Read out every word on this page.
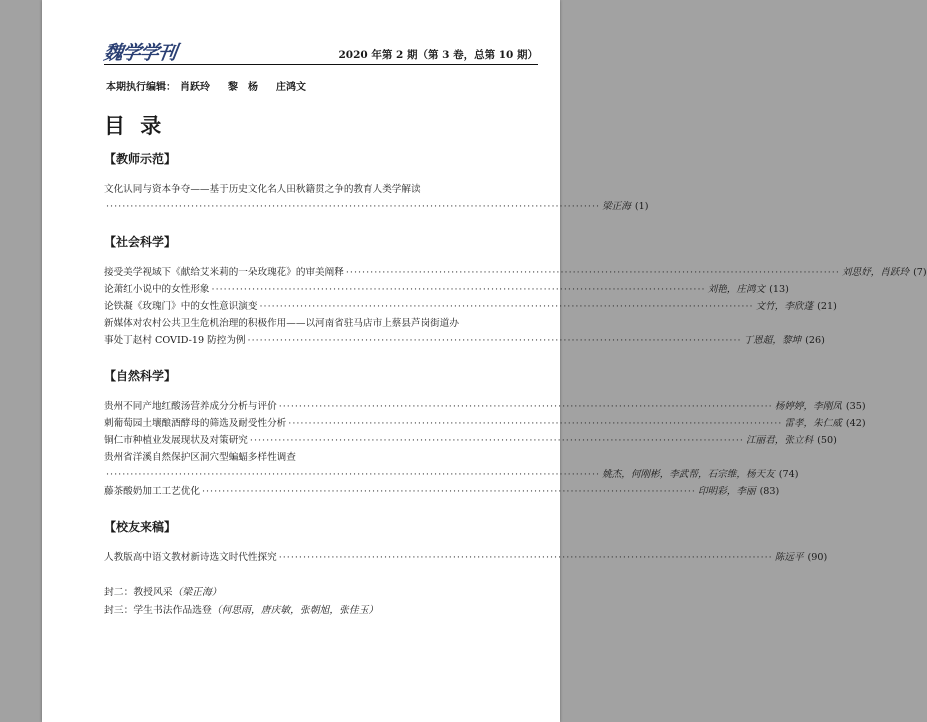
魏学学刊	2020 年第 2 期（第 3 卷，总第 10 期）
本期执行编辑： 肖跃玲 黎　杨 庄鸿文
目 录
【教师示范】
文化认同与资本争夺——基于历史文化名人田秋籍贯之争的教育人类学解读
·························································································································· 梁正海 (1)
【社会科学】
接受美学视域下《献给艾米莉的一朵玫瑰花》的审美阐释 ·························································································································· 刘思妤，肖跃玲 (7)
论萧红小说中的女性形象 ·························································································································· 刘艳，庄鸿文 (13)
论铁凝《玫瑰门》中的女性意识演变 ·························································································································· 文竹，李欣蓬 (21)
新媒体对农村公共卫生危机治理的积极作用——以河南省驻马店市上蔡县芦岗街道办
事处丁赵村 COVID-19 防控为例 ·························································································································· 丁恩超，黎坤 (26)
【自然科学】
贵州不同产地红酸汤营养成分分析与评价 ·························································································································· 杨婷婷，李刚凤 (35)
刺葡萄园土壤酿酒酵母的筛选及耐受性分析 ·························································································································· 雷孝，朱仁威 (42)
铜仁市种植业发展现状及对策研究 ·························································································································· 江丽君，张立科 (50)
贵州省洋溪自然保护区洞穴型蝙蝠多样性调查
·························································································································· 姚杰，何刚彬，李武帮，石宗维，杨天友 (74)
藤茶酸奶加工工艺优化 ·························································································································· 印明彩，李丽 (83)
【校友来稿】
人教版高中语文教材新诗选文时代性探究 ·························································································································· 陈远平 (90)
封二：教授风采（梁正海）
封三：学生书法作品选登（何思雨，唐庆敏，张朝旭，张佳玉）
